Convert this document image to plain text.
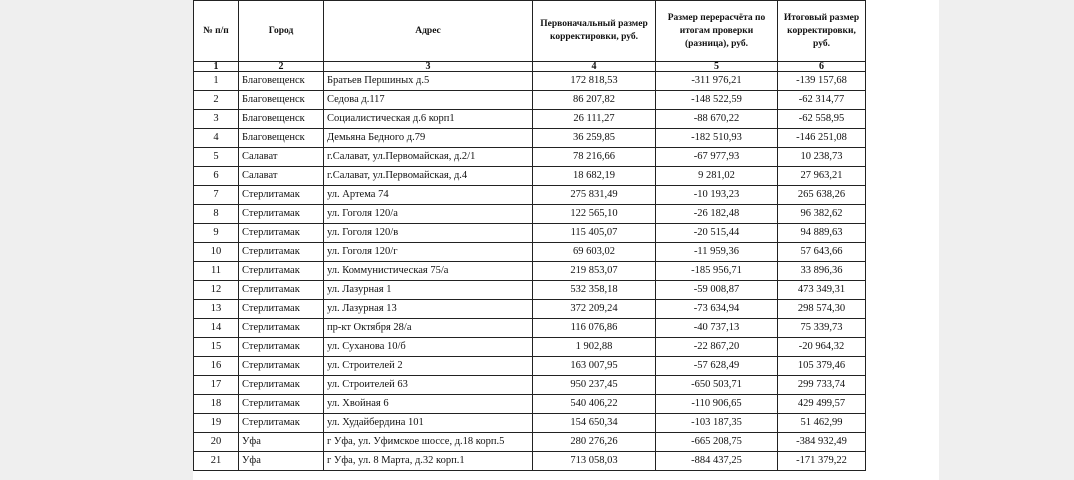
№ п/п	Город	Адрес	Первоначальный размер корректировки, руб.	Размер перерасчёта по итогам проверки (разница), руб.	Итоговый размер корректировки, руб.
1	2	3	4	5	6
1	Благовещенск	Братьев Першиных д.5	172 818,53	-311 976,21	-139 157,68
2	Благовещенск	Седова д.117	86 207,82	-148 522,59	-62 314,77
3	Благовещенск	Социалистическая д.6 корп1	26 111,27	-88 670,22	-62 558,95
4	Благовещенск	Демьяна Бедного д.79	36 259,85	-182 510,93	-146 251,08
5	Салават	г.Салават, ул.Первомайская, д.2/1	78 216,66	-67 977,93	10 238,73
6	Салават	г.Салават, ул.Первомайская, д.4	18 682,19	9 281,02	27 963,21
7	Стерлитамак	ул. Артема 74	275 831,49	-10 193,23	265 638,26
8	Стерлитамак	ул. Гоголя 120/а	122 565,10	-26 182,48	96 382,62
9	Стерлитамак	ул. Гоголя 120/в	115 405,07	-20 515,44	94 889,63
10	Стерлитамак	ул. Гоголя 120/г	69 603,02	-11 959,36	57 643,66
11	Стерлитамак	ул. Коммунистическая 75/а	219 853,07	-185 956,71	33 896,36
12	Стерлитамак	ул. Лазурная 1	532 358,18	-59 008,87	473 349,31
13	Стерлитамак	ул. Лазурная 13	372 209,24	-73 634,94	298 574,30
14	Стерлитамак	пр-кт Октября 28/а	116 076,86	-40 737,13	75 339,73
15	Стерлитамак	ул. Суханова 10/б	1 902,88	-22 867,20	-20 964,32
16	Стерлитамак	ул. Строителей 2	163 007,95	-57 628,49	105 379,46
17	Стерлитамак	ул. Строителей 63	950 237,45	-650 503,71	299 733,74
18	Стерлитамак	ул. Хвойная 6	540 406,22	-110 906,65	429 499,57
19	Стерлитамак	ул. Худайбердина 101	154 650,34	-103 187,35	51 462,99
20	Уфа	г Уфа, ул. Уфимское шоссе, д.18 корп.5	280 276,26	-665 208,75	-384 932,49
21	Уфа	г Уфа, ул. 8 Марта, д.32 корп.1	713 058,03	-884 437,25	-171 379,22
